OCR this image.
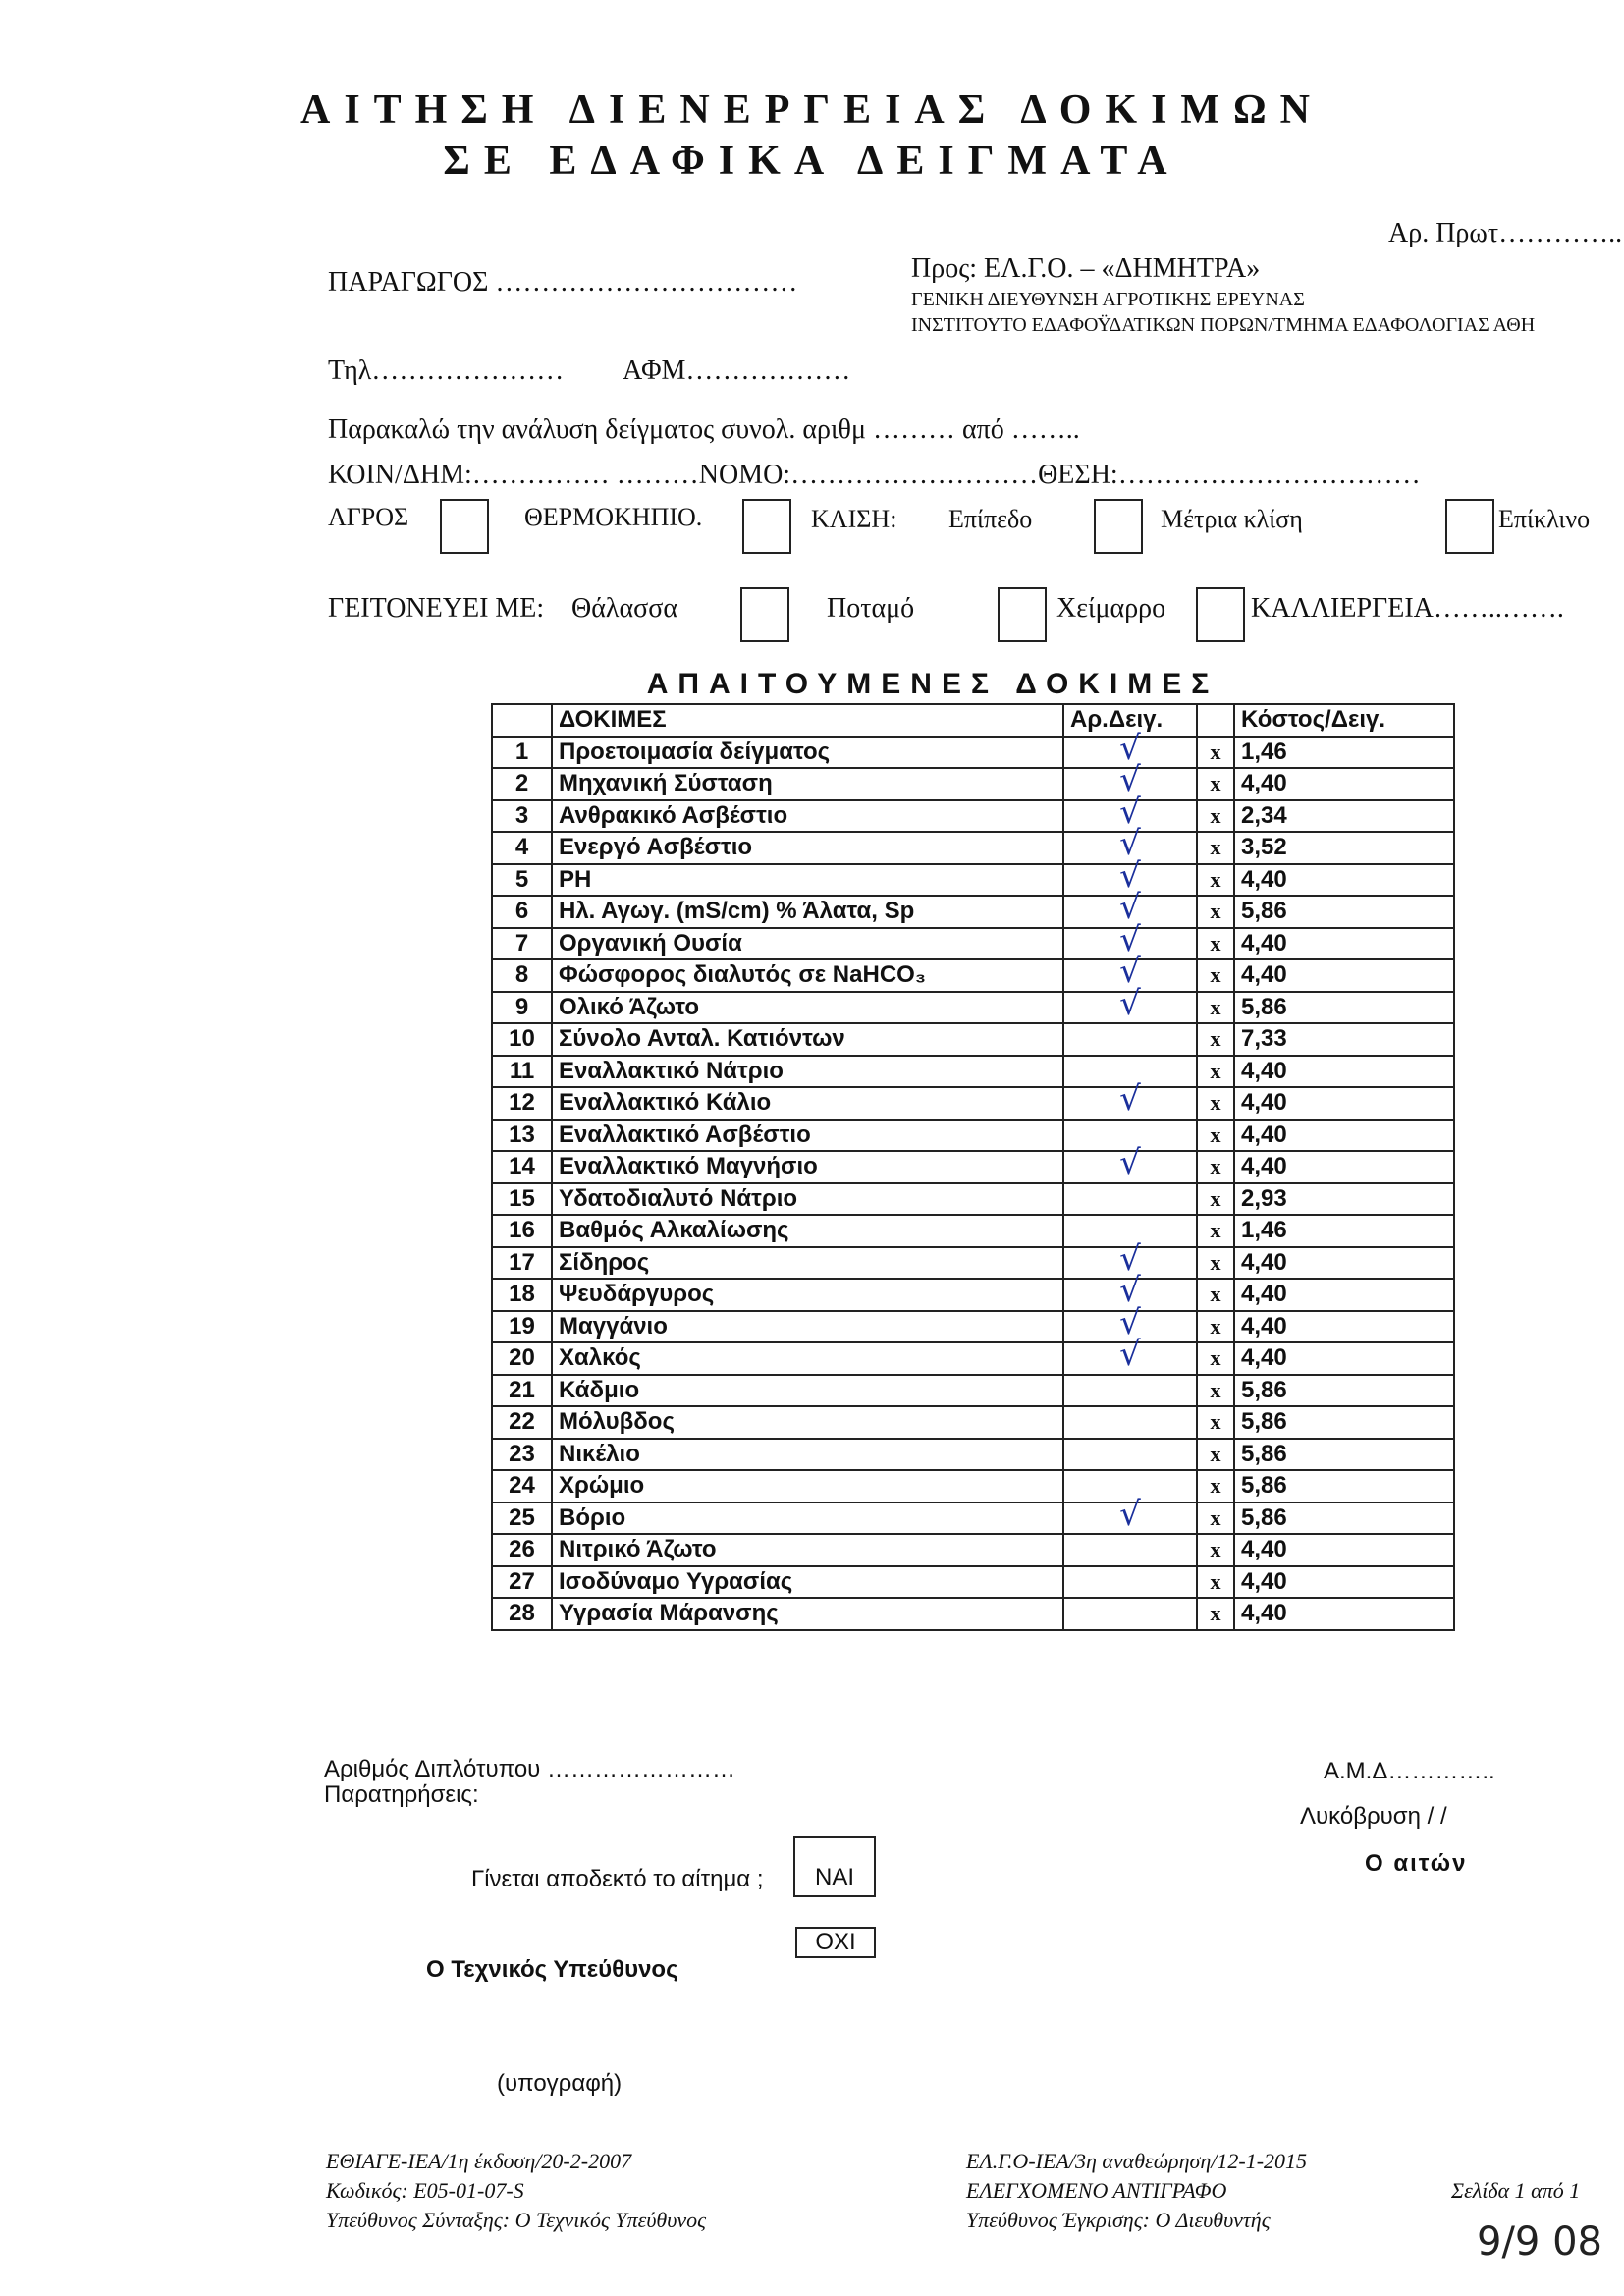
ΑΙΤΗΣΗ ΔΙΕΝΕΡΓΕΙΑΣ ΔΟΚΙΜΩΝ
ΣΕ ΕΔΑΦΙΚΑ ΔΕΙΓΜΑΤΑ
Αρ. Πρωτ…………..
ΠΑΡΑΓΩΓΟΣ ……………………………	Προς: ΕΛ.Γ.Ο. – «ΔΗΜΗΤΡΑ»
ΓΕΝΙΚΗ ΔΙΕΥΘΥΝΣΗ ΑΓΡΟΤΙΚΗΣ ΕΡΕΥΝΑΣ
ΙΝΣΤΙΤΟΥΤΟ ΕΔΑΦΟΫΔΑΤΙΚΩΝ ΠΟΡΩΝ/ΤΜΗΜΑ ΕΔΑΦΟΛΟΓΙΑΣ ΑΘΗ
Τηλ………………… ΑΦΜ………………
Παρακαλώ την ανάλυση δείγματος συνολ. αριθμ ……… από ……..
ΚΟΙΝ/ΔΗΜ:…………… ………ΝΟΜΟ:………………………ΘΕΣΗ:……………………………
ΑΓΡΟΣ	ΘΕΡΜΟΚΗΠΙΟ.	ΚΛΙΣΗ: Επίπεδο	Μέτρια κλίση	Επίκλινο
ΓΕΙΤΟΝΕΥΕΙ ΜΕ: Θάλασσα	Ποταμό	Χείμαρρο	ΚΑΛΛΙΕΡΓΕΙΑ……..…….
ΑΠΑΙΤΟΥΜΕΝΕΣ ΔΟΚΙΜΕΣ
	ΔΟΚΙΜΕΣ	Αρ.Δειγ.		Κόστος/Δειγ.
1	Προετοιμασία δείγματος	√	x	1,46
2	Μηχανική Σύσταση	√	x	4,40
3	Ανθρακικό Ασβέστιο	√	x	2,34
4	Ενεργό Ασβέστιο	√	x	3,52
5	PH	√	x	4,40
6	Ηλ. Αγωγ. (mS/cm) % Άλατα, Sp	√	x	5,86
7	Οργανική Ουσία	√	x	4,40
8	Φώσφορος διαλυτός σε NaHCO₃	√	x	4,40
9	Ολικό Άζωτο	√	x	5,86
10	Σύνολο Ανταλ. Κατιόντων		x	7,33
11	Εναλλακτικό Νάτριο		x	4,40
12	Εναλλακτικό Κάλιο	√	x	4,40
13	Εναλλακτικό Ασβέστιο		x	4,40
14	Εναλλακτικό Μαγνήσιο	√	x	4,40
15	Υδατοδιαλυτό Νάτριο		x	2,93
16	Βαθμός Αλκαλίωσης		x	1,46
17	Σίδηρος	√	x	4,40
18	Ψευδάργυρος	√	x	4,40
19	Μαγγάνιο	√	x	4,40
20	Χαλκός	√	x	4,40
21	Κάδμιο		x	5,86
22	Μόλυβδος		x	5,86
23	Νικέλιο		x	5,86
24	Χρώμιο		x	5,86
25	Βόριο	√	x	5,86
26	Νιτρικό Άζωτο		x	4,40
27	Ισοδύναμο Υγρασίας		x	4,40
28	Υγρασία Μάρανσης		x	4,40
Αριθμός Διπλότυπου ……………………	Α.Μ.Δ…………..
Παρατηρήσεις:
Λυκόβρυση / /
Γίνεται αποδεκτό το αίτημα ;	ΝΑΙ
ΟΧΙ
Ο αιτών
Ο Τεχνικός Υπεύθυνος
(υπογραφή)
ΕΘΙΑΓΕ-ΙΕΑ/1η έκδοση/20-2-2007
Κωδικός: Ε05-01-07-S
Υπεύθυνος Σύνταξης: Ο Τεχνικός Υπεύθυνος
ΕΛ.Γ.Ο-ΙΕΑ/3η αναθεώρηση/12-1-2015
ΕΛΕΓΧΟΜΕΝΟ ΑΝΤΙΓΡΑΦΟ
Υπεύθυνος Έγκρισης: Ο Διευθυντής
Σελίδα 1 από 1
9/9 08
